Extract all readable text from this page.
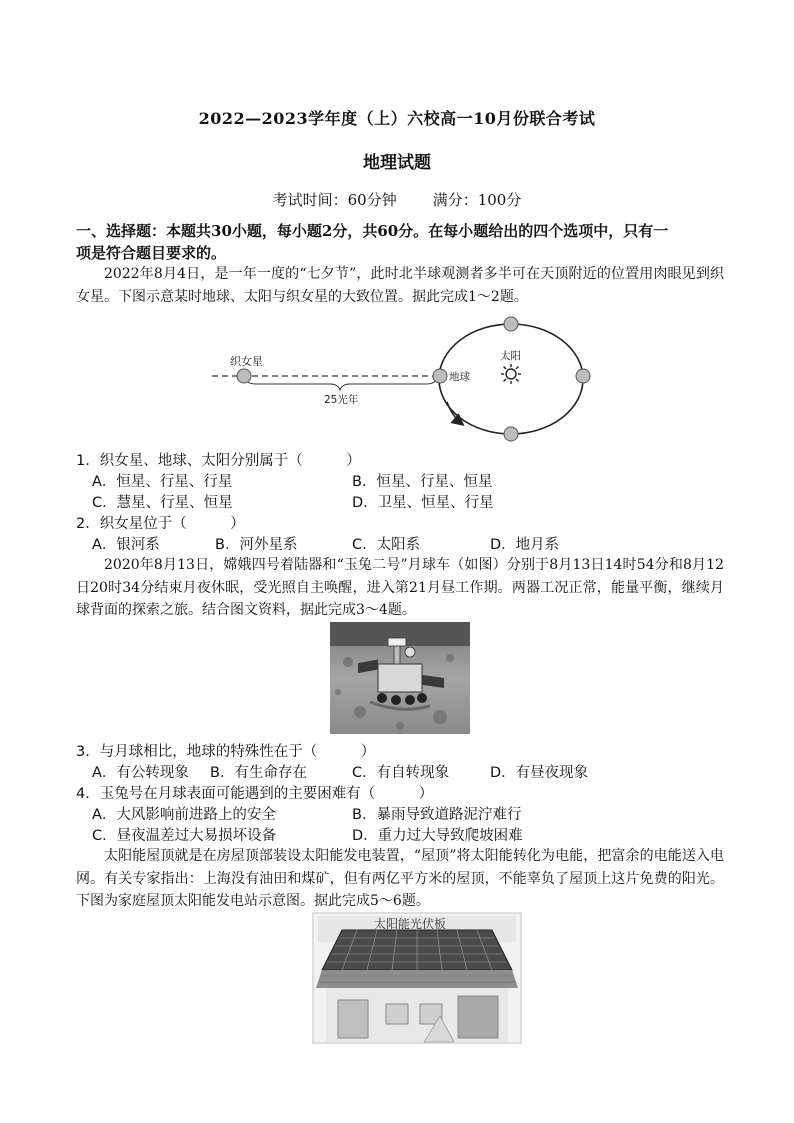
2022—2023学年度（上）六校高一10月份联合考试
地理试题
考试时间：60分钟 满分：100分
一、选择题：本题共30小题，每小题2分，共60分。在每小题给出的四个选项中，只有一
项是符合题目要求的。
2022年8月4日，是一年一度的“七夕节”，此时北半球观测者多半可在天顶附近的位置用肉眼见到织女星。下图示意某时地球、太阳与织女星的大致位置。据此完成1～2题。
织女星
地球
太阳
25光年
1．织女星、地球、太阳分别属于（　　　）
A．恒星、行星、行星	B．恒星、行星、恒星
C．慧星、行星、恒星	D．卫星、恒星、行星
2．织女星位于（　　　）
A．银河系	B．河外星系	C．太阳系	D．地月系
2020年8月13日，嫦娥四号着陆器和“玉兔二号”月球车（如图）分别于8月13日14时54分和8月12日20时34分结束月夜休眠，受光照自主唤醒，进入第21月昼工作期。两器工况正常，能量平衡，继续月球背面的探索之旅。结合图文资料，据此完成3～4题。
3．与月球相比，地球的特殊性在于（　　　）
A．有公转现象 B．有生命存在	C．有自转现象	D．有昼夜现象
4．玉兔号在月球表面可能遇到的主要困难有（　　　）
A．大风影响前进路上的安全	B．暴雨导致道路泥泞难行
C．昼夜温差过大易损坏设备	D．重力过大导致爬坡困难
太阳能屋顶就是在房屋顶部装设太阳能发电装置，“屋顶”将太阳能转化为电能，把富余的电能送入电网。有关专家指出：上海没有油田和煤矿，但有两亿平方米的屋顶，不能辜负了屋顶上这片免费的阳光。下图为家庭屋顶太阳能发电站示意图。据此完成5～6题。
太阳能光伏板
